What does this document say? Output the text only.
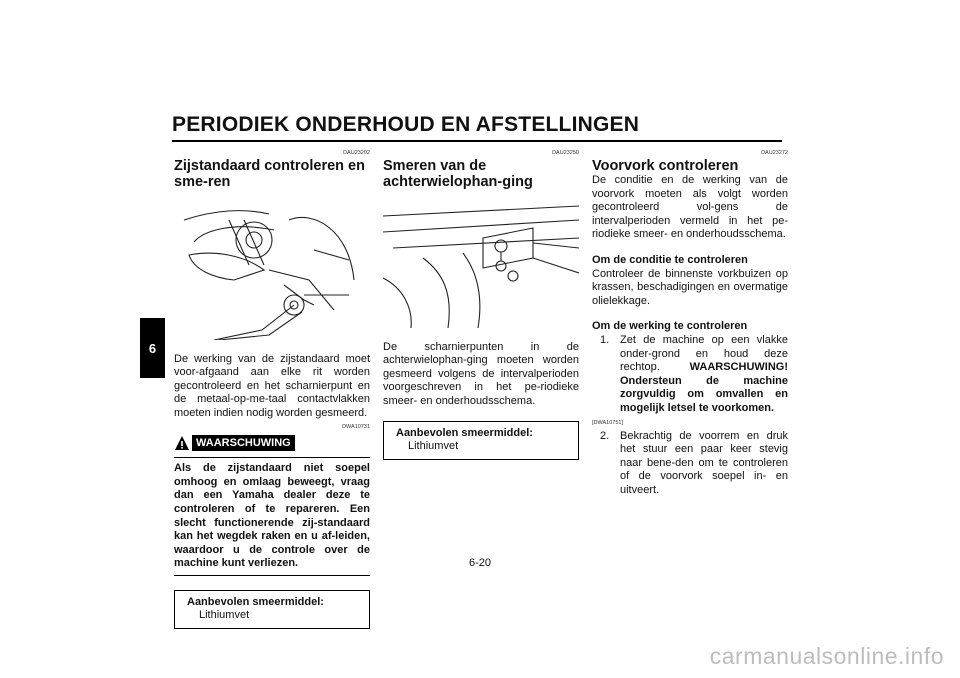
PERIODIEK ONDERHOUD EN AFSTELLINGEN
6
DAU23202
Zijstandaard controleren en sme-ren
De werking van de zijstandaard moet voor-afgaand aan elke rit worden gecontroleerd en het scharnierpunt en de metaal-op-me-taal contactvlakken moeten indien nodig worden gesmeerd.
DWA10731
WAARSCHUWING
Als de zijstandaard niet soepel omhoog en omlaag beweegt, vraag dan een Yamaha dealer deze te controleren of te repareren. Een slecht functionerende zij-standaard kan het wegdek raken en u af-leiden, waardoor u de controle over de machine kunt verliezen.
Aanbevolen smeermiddel:
Lithiumvet
DAU23250
Smeren van de achterwielophan-ging
De scharnierpunten in de achterwielophan-ging moeten worden gesmeerd volgens de intervalperioden voorgeschreven in het pe-riodieke smeer- en onderhoudsschema.
Aanbevolen smeermiddel:
Lithiumvet
DAU23272
Voorvork controleren
De conditie en de werking van de voorvork moeten als volgt worden gecontroleerd vol-gens de intervalperioden vermeld in het pe-riodieke smeer- en onderhoudsschema.
Om de conditie te controleren
Controleer de binnenste vorkbuizen op krassen, beschadigingen en overmatige olielekkage.
Om de werking te controleren
1. Zet de machine op een vlakke onder-grond en houd deze rechtop.	WAARSCHUWING! Ondersteun de machine zorgvuldig om omvallen en mogelijk letsel te voorkomen.
[DWA10751]
2. Bekrachtig de voorrem en druk het stuur een paar keer stevig naar bene-den om te controleren of de voorvork soepel in- en uitveert.
6-20
carmanualsonline.info
